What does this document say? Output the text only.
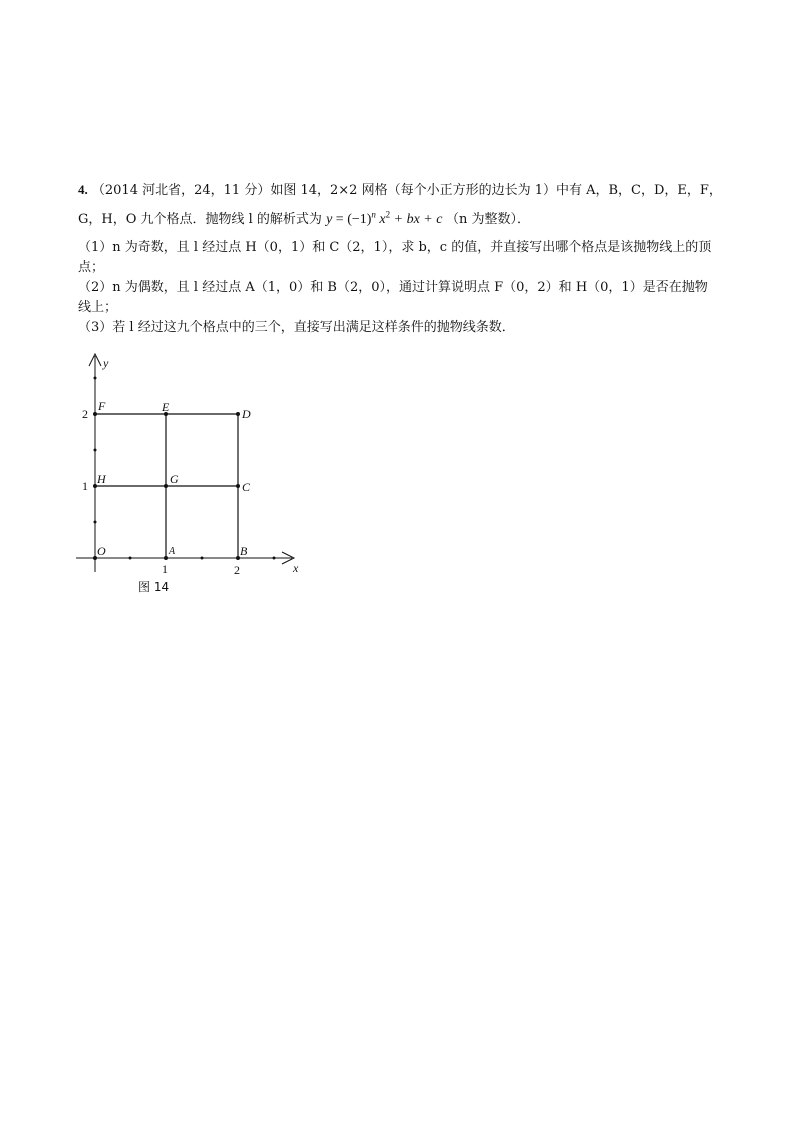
4. （2014 河北省，24，11 分）如图 14，2×2 网格（每个小正方形的边长为 1）中有 A，B，C，D，E，F，
G，H，O 九个格点．抛物线 l 的解析式为 $y = (-1)^n$ $x^2$ + bx + c （n 为整数）．
（1）n 为奇数，且 l 经过点 H（0，1）和 C（2，1），求 b，c 的值，并直接写出哪个格点是该抛物线上的顶点；
（2）n 为偶数，且 l 经过点 A（1，0）和 B（2，0），通过计算说明点 F（0，2）和 H（0，1）是否在抛物线上；
（3）若 l 经过这九个格点中的三个，直接写出满足这样条件的抛物线条数．
y
x
2
1
1	2
F	E	D
H	G
C
O	A	B
图 14
